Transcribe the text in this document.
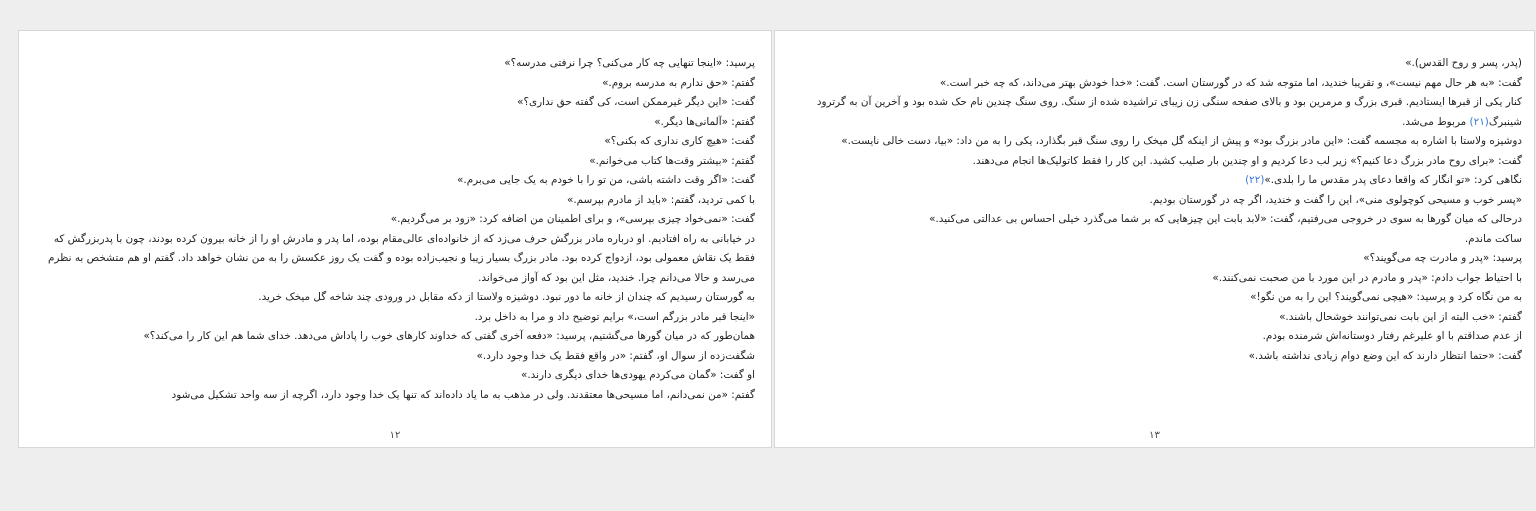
پرسید: «اینجا تنهایی چه کار می‌کنی؟ چرا نرفتی مدرسه؟»

گفتم: «حق ندارم به مدرسه بروم.»

گفت: «این دیگر غیرممکن است، کی گفته حق نداری؟»

گفتم: «آلمانی‌ها دیگر.»

گفت: «هیچ کاری نداری که بکنی؟»

گفتم: «بیشتر وقت‌ها کتاب می‌خوانم.»

گفت: «اگر وقت داشته باشی، من تو را با خودم به یک جایی می‌برم.»

با کمی تردید، گفتم: «باید از مادرم بپرسم.»

گفت: «نمی‌خواد چیزی بپرسی»، و برای اطمینان من اضافه کرد: «زود بر می‌گردیم.»

در خیابانی به راه افتادیم. او درباره مادر بزرگش حرف می‌زد که از خانواده‌ای عالی‌مقام بوده، اما پدر و مادرش او را از خانه بیرون کرده بودند، چون با پدربزرگش که فقط یک نقاش معمولی بود، ازدواج کرده بود. مادر بزرگ بسیار زیبا و نجیب‌زاده بوده و گفت یک روز عکسش را به من نشان خواهد داد. گفتم او هم متشخص به نظرم می‌رسد و حالا می‌دانم چرا. خندید، مثل این بود که آواز می‌خواند.

به گورستان رسیدیم که چندان از خانه ما دور نبود. دوشیزه ولاستا از دکه مقابل در ورودی چند شاخه گل میخک خرید.

«اینجا قبر مادر بزرگم است،» برایم توضیح داد و مرا به داخل برد.

همان‌طور که در میان گورها می‌گشتیم، پرسید: «دفعه آخری گفتی که خداوند کارهای خوب را پاداش می‌دهد. خدای شما هم این کار را می‌کند؟»

شگفت‌زده از سوال او، گفتم: «در واقع فقط یک خدا وجود دارد.»

او گفت: «گمان می‌کردم یهودی‌ها خدای دیگری دارند.»

گفتم: «من نمی‌دانم، اما مسیحی‌ها معتقدند. ولی در مذهب به ما یاد داده‌اند که تنها یک خدا وجود دارد، اگرچه از سه واحد تشکیل می‌شود

۱۲

(پدر، پسر و روح القدس).»

گفت: «به هر حال مهم نیست»، و تقریبا خندید، اما متوجه شد که در گورستان است. گفت: «خدا خودش بهتر می‌داند، که چه خبر است.»

کنار یکی از قبرها ایستادیم. قبری بزرگ و مرمرین بود و بالای صفحه سنگی زن زیبای تراشیده شده از سنگ. روی سنگ چندین نام حک شده بود و آخرین آن به گرترود شینبرگ(۲۱) مربوط می‌شد.

دوشیزه ولاستا با اشاره به مجسمه گفت: «این مادر بزرگ بود» و پیش از اینکه گل میخک را روی سنگ قبر بگذارد، یکی را به من داد: «بیا، دست خالی نایست.»

گفت: «برای روح مادر بزرگ دعا کنیم؟» زیر لب دعا کردیم و او چندین بار صلیب کشید. این کار را فقط کاتولیک‌ها انجام می‌دهند.

نگاهی کرد: «تو انگار که واقعا دعای پدر مقدس ما را بلدی.»(۲۲)

«پسر خوب و مسیحی کوچولوی منی»، این را گفت و خندید، اگر چه در گورستان بودیم.

درحالی که میان گورها به سوی در خروجی می‌رفتیم، گفت: «لابد بابت این چیزهایی که بر شما می‌گذرد خیلی احساس بی عدالتی می‌کنید.»

ساکت ماندم.

پرسید: «پدر و مادرت چه می‌گویند؟»

با احتیاط جواب دادم: «پدر و مادرم در این مورد با من صحبت نمی‌کنند.»

به من نگاه کرد و پرسید: «هیچی نمی‌گویند؟ این را به من نگو!»

گفتم: «خب البته از این بابت نمی‌توانند خوشحال باشند.»

از عدم صداقتم با او علیرغم رفتار دوستانه‌اش شرمنده بودم.

گفت: «حتما انتظار دارند که این وضع دوام زیادی نداشته باشد.»

۱۳
